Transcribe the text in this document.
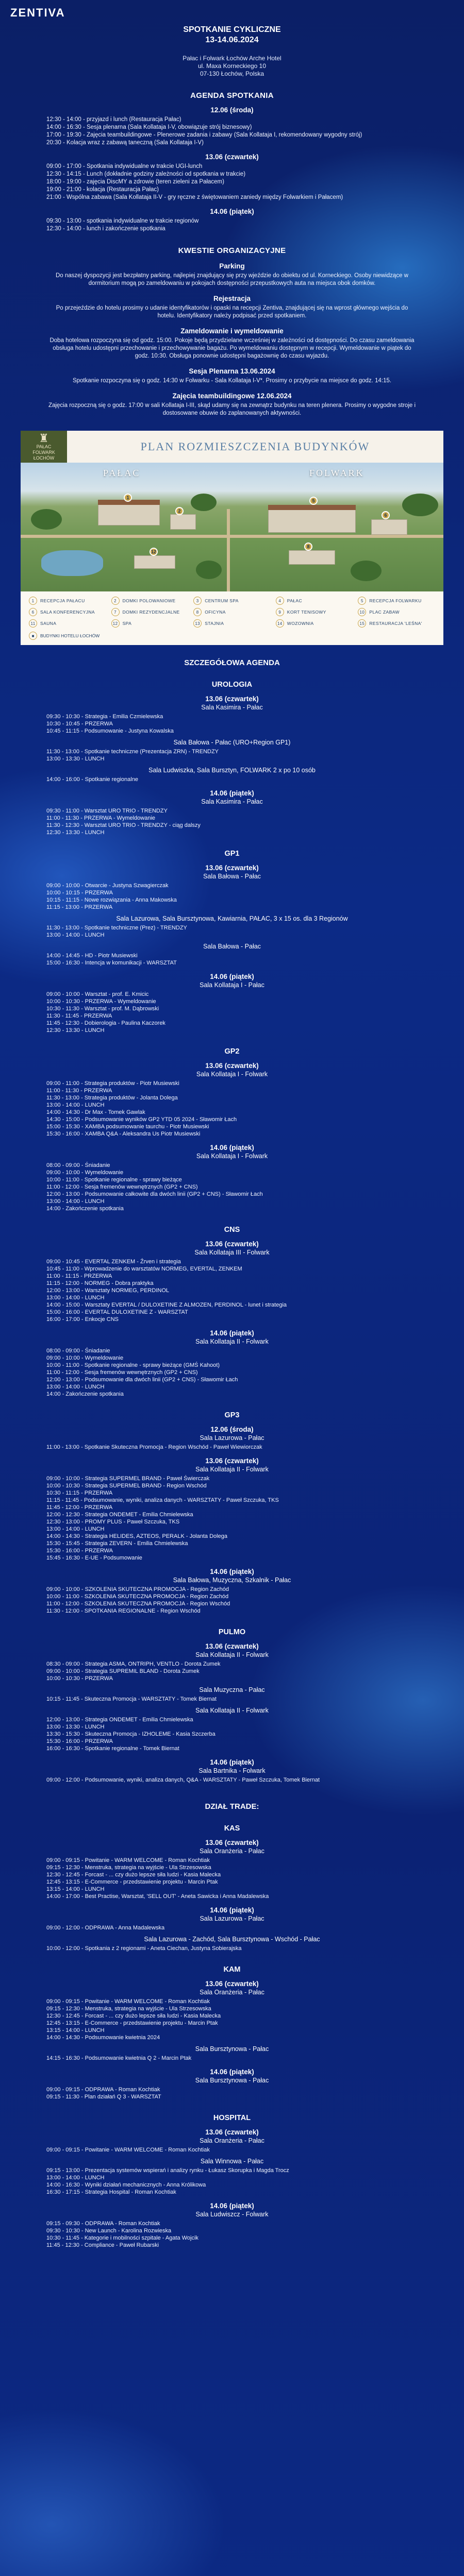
ZENTIVA
SPOTKANIE CYKLICZNE
13-14.06.2024
Pałac i Folwark Łochów Arche Hotel
ul. Maxa Korneckiego 10
07-130 Łochów, Polska
AGENDA SPOTKANIA
12.06 (środa)
12:30 - 14:00 - przyjazd i lunch (Restauracja Pałac)
14:00 - 16:30 - Sesja plenarna (Sala Kollataja I-V, obowiązuje strój biznesowy)
17:00 - 19:30 - Zajęcia teambuildingowe - Plenerowe zadania i zabawy (Sala Kollataja I, rekomendowany wygodny strój)
20:30 - Kolacja wraz z zabawą taneczną (Sala Kollataja I-V)
13.06 (czwartek)
09:00 - 17:00 - Spotkania indywidualne w trakcie UGI-lunch
12:30 - 14:15 - Lunch (dokładnie godziny zależności od spotkania w trakcie)
18:00 - 19:00 - zajęcia DiscMY a zdrowie (teren zieleni za Pałacem)
19:00 - 21:00 - kolacja (Restauracja Pałac)
21:00 - Wspólna zabawa (Sala Kollataja II-V - gry ręczne z świętowaniem zaniedy między Folwarkiem i Pałacem)
14.06 (piątek)
09:30 - 13:00 - spotkania indywidualne w trakcie regionów
12:30 - 14:00 - lunch i zakończenie spotkania
KWESTIE ORGANIZACYJNE
Parking
Do naszej dyspozycji jest bezpłatny parking, najlepiej znajdujący się przy wjeździe do obiektu od ul. Korneckiego. Osoby niewidzące w dormitorium mogą po zameldowaniu w pokojach dostępności przepustkowych auta na miejsca obok domków.
Rejestracja
Po przejeździe do hotelu prosimy o udanie identyfikatorów i opaski na recepcji Zentiva, znajdującej się na wprost głównego wejścia do hotelu. Identyfikatory należy podpisać przed spotkaniem.
Zameldowanie i wymeldowanie
Doba hotelowa rozpoczyna się od godz. 15:00. Pokoje będą przydzielane wcześniej w zależności od dostępności. Do czasu zameldowania obsługa hotelu udostępni przechowanie i przechowywanie bagażu. Po wymeldowaniu dostępnym w recepcji. Wymeldowanie w piątek do godz. 10:30. Obsługa ponownie udostępni bagażownię do czasu wyjazdu.
Sesja Plenarna 13.06.2024
Spotkanie rozpoczyna się o godz. 14:30 w Folwarku - Sala Kollataja I-V*. Prosimy o przybycie na miejsce do godz. 14:15.
Zajęcia teambuildingowe 12.06.2024
Zajęcia rozpoczną się o godz. 17:00 w sali Kollataja I-III, skąd udamy się na zewnątrz budynku na teren plenera. Prosimy o wygodne stroje i dostosowane obuwie do zaplanowanych aktywności.
♜
PAŁAC
FOLWARK
ŁOCHÓW
PLAN ROZMIESZCZENIA BUDYNKÓW
PAŁAC	FOLWARK
1
2
5
6
8
12
1	RECEPCJA PAŁACU	2	DOMKI POLOWANIOWE	3	CENTRUM SPA	4	PAŁAC	5	RECEPCJA FOLWARKU
6	SALA KONFERENCYJNA	7	DOMKI REZYDENCJALNE	8	OFICYNA	9	KORT TENISOWY	10	PLAC ZABAW
11	SAUNA	12	SPA	13	STAJNIA	14	WOZOWNIA	15	RESTAURACJA 'LEŚNA'
■	BUDYNKI HOTELU ŁOCHÓW
SZCZEGÓŁOWA AGENDA
UROLOGIA
13.06 (czwartek)
Sala Kasimira - Pałac
09:30 - 10:30 - Strategia - Emilia Czmielewska
10:30 - 10:45 - PRZERWA
10:45 - 11:15 - Podsumowanie - Justyna Kowalska
Sala Bałowa - Pałac (URO+Region GP1)
11:30 - 13:00 - Spotkanie techniczne (Prezentacja ZRN) - TRENDZY
13:00 - 13:30 - LUNCH
Sala Ludwiszka, Sala Bursztyn, FOLWARK 2 x po 10 osób
14:00 - 16:00 - Spotkanie regionalne
14.06 (piątek)
Sala Kasimira - Pałac
09:30 - 11:00 - Warsztat URO TRIO - TRENDZY
11:00 - 11:30 - PRZERWA - Wymeldowanie
11:30 - 12:30 - Warsztat URO TRIO - TRENDZY - ciąg dalszy
12:30 - 13:30 - LUNCH
GP1
13.06 (czwartek)
Sala Bałowa - Pałac
09:00 - 10:00 - Otwarcie - Justyna Szwagierczak
10:00 - 10:15 - PRZERWA
10:15 - 11:15 - Nowe rozwiązania - Anna Makowska
11:15 - 13:00 - PRZERWA
Sala Lazurowa, Sala Bursztynowa, Kawiarnia, PAŁAC, 3 x 15 os. dla 3 Regionów
11:30 - 13:00 - Spotkanie techniczne (Prez) - TRENDZY
13:00 - 14:00 - LUNCH
Sala Bałowa - Pałac
14:00 - 14:45 - HD - Piotr Musiewski
15:00 - 16:30 - Intencja w komunikacji - WARSZTAT
14.06 (piątek)
Sala Kollataja I - Pałac
09:00 - 10:00 - Warsztat - prof. E. Kmicic
10:00 - 10:30 - PRZERWA - Wymeldowanie
10:30 - 11:30 - Warsztat - prof. M. Dąbrowski
11:30 - 11:45 - PRZERWA
11:45 - 12:30 - Dobierologia - Paulina Kaczorek
12:30 - 13:30 - LUNCH
GP2
13.06 (czwartek)
Sala Kollataja I - Folwark
09:00 - 11:00 - Strategia produktów - Piotr Musiewski
11:00 - 11:30 - PRZERWA
11:30 - 13:00 - Strategia produktów - Jolanta Dolega
13:00 - 14:00 - LUNCH
14:00 - 14:30 - Dr Max - Tomek Gawlak
14:30 - 15:00 - Podsumowanie wyników GP2 YTD 05 2024 - Sławomir Łach
15:00 - 15:30 - XAMBA podsumowanie taurchu - Piotr Musiewski
15:30 - 16:00 - XAMBA Q&A - Aleksandra Us Piotr Musiewski
14.06 (piątek)
Sala Kollataja I - Folwark
08:00 - 09:00 - Śniadanie
09:00 - 10:00 - Wymeldowanie
10:00 - 11:00 - Spotkanie regionalne - sprawy bieżące
11:00 - 12:00 - Sesja fremenów wewnętrznych (GP2 + CNS)
12:00 - 13:00 - Podsumowanie całkowite dla dwóch linii (GP2 + CNS) - Sławomir Łach
13:00 - 14:00 - LUNCH
14:00 - Zakończenie spotkania
CNS
13.06 (czwartek)
Sala Kollataja III - Folwark
09:00 - 10:45 - EVERTAL ZENKEM - Źrven i strategia
10:45 - 11:00 - Wprowadzenie do warsztatów NORMEG, EVERTAL, ZENKEM
11:00 - 11:15 - PRZERWA
11:15 - 12:00 - NORMEG - Dobra praktyka
12:00 - 13:00 - Warsztaty NORMEG, PERDINOL
13:00 - 14:00 - LUNCH
14:00 - 15:00 - Warsztaty EVERTAL / DULOXETINE Z ALMOZEN, PERDINOL - lunet i strategia
15:00 - 16:00 - EVERTAL DULOXETINE Z - WARSZTAT
16:00 - 17:00 - Enkocje CNS
14.06 (piątek)
Sala Kollataja II - Folwark
08:00 - 09:00 - Śniadanie
09:00 - 10:00 - Wymeldowanie
10:00 - 11:00 - Spotkanie regionalne - sprawy bieżące (GMŚ Kahoot)
11:00 - 12:00 - Sesja fremenów wewnętrznych (GP2 + CNS)
12:00 - 13:00 - Podsumowanie dla dwóch linii (GP2 + CNS) - Sławomir Łach
13:00 - 14:00 - LUNCH
14:00 - Zakończenie spotkania
GP3
12.06 (środa)
Sala Lazurowa - Pałac
11:00 - 13:00 - Spotkanie Skuteczna Promocja - Region Wschód - Paweł Wiewiorczak
13.06 (czwartek)
Sala Kollataja II - Folwark
09:00 - 10:00 - Strategia SUPERMEL BRAND - Paweł Świerczak
10:00 - 10:30 - Strategia SUPERMEL BRAND - Region Wschód
10:30 - 11:15 - PRZERWA
11:15 - 11:45 - Podsumowanie, wyniki, analiza danych - WARSZTATY - Paweł Szczuka, TKS
11:45 - 12:00 - PRZERWA
12:00 - 12:30 - Strategia ONDEMET - Emilia Chmielewska
12:30 - 13:00 - PROMY PLUS - Paweł Szczuka, TKS
13:00 - 14:00 - LUNCH
14:00 - 14:30 - Strategia HELIDES, AZTEOS, PERALK - Jolanta Dolega
15:30 - 15:45 - Strategia ZEVERN - Emilia Chmielewska
15:30 - 16:00 - PRZERWA
15:45 - 16:30 - E-UE - Podsumowanie
14.06 (piątek)
Sala Bałowa, Muzyczna, Szkalnik - Pałac
09:00 - 10:00 - SZKOLENIA SKUTECZNA PROMOCJA - Region Zachód
10:00 - 11:00 - SZKOLENIA SKUTECZNA PROMOCJA - Region Zachód
11:00 - 12:00 - SZKOLENIA SKUTECZNA PROMOCJA - Region Wschód
11:30 - 12:00 - SPOTKANIA REGIONALNE - Region Wschód
PULMO
13.06 (czwartek)
Sala Kollataja II - Folwark
08:30 - 09:00 - Strategia ASMA, ONTRIPH, VENTLO - Dorota Zumek
09:00 - 10:00 - Strategia SUPREMIL BLAND - Dorota Zumek
10:00 - 10:30 - PRZERWA
Sala Muzyczna - Pałac
10:15 - 11:45 - Skuteczna Promocja - WARSZTATY - Tomek Biernat
Sala Kollataja II - Folwark
12:00 - 13:00 - Strategia ONDEMET - Emilia Chmielewska
13:00 - 13:30 - LUNCH
13:30 - 15:30 - Skuteczna Promocja - IZHOLEME - Kasia Szczerba
15:30 - 16:00 - PRZERWA
16:00 - 16:30 - Spotkanie regionalne - Tomek Biernat
14.06 (piątek)
Sala Bartnika - Folwark
09:00 - 12:00 - Podsumowanie, wyniki, analiza danych, Q&A - WARSZTATY - Paweł Szczuka, Tomek Biernat
DZIAŁ TRADE:
KAS
13.06 (czwartek)
Sala Oranżeria - Pałac
09:00 - 09:15 - Powitanie - WARM WELCOME - Roman Kochtiak
09:15 - 12:30 - Menstruka, strategia na wyjście - Ula Strzesowska
12:30 - 12:45 - Forcast - ... czy dużo lepsze siła ludzi - Kasia Malecka
12:45 - 13:15 - E-Commerce - przedstawienie projektu - Marcin Ptak
13:15 - 14:00 - LUNCH
14:00 - 17:00 - Best Practise, Warsztat, 'SELL OUT' - Aneta Sawicka i Anna Madalewska
14.06 (piątek)
Sala Lazurowa - Pałac
09:00 - 12:00 - ODPRAWA - Anna Madalewska
Sala Lazurowa - Zachód, Sala Bursztynowa - Wschód - Pałac
10:00 - 12:00 - Spotkania z 2 regionami - Aneta Ciechan, Justyna Sobierajska
KAM
13.06 (czwartek)
Sala Oranżeria - Pałac
09:00 - 09:15 - Powitanie - WARM WELCOME - Roman Kochtiak
09:15 - 12:30 - Menstruka, strategia na wyjście - Ula Strzesowska
12:30 - 12:45 - Forcast - ... czy dużo lepsze siła ludzi - Kasia Malecka
12:45 - 13:15 - E-Commerce - przedstawienie projektu - Marcin Ptak
13:15 - 14:00 - LUNCH
14:00 - 14:30 - Podsumowanie kwietnia 2024
Sala Bursztynowa - Pałac
14:15 - 16:30 - Podsumowanie kwietnia Q 2 - Marcin Ptak
14.06 (piątek)
Sala Bursztynowa - Pałac
09:00 - 09:15 - ODPRAWA - Roman Kochtiak
09:15 - 11:30 - Plan działań Q 3 - WARSZTAT
HOSPITAL
13.06 (czwartek)
Sala Oranżeria - Pałac
09:00 - 09:15 - Powitanie - WARM WELCOME - Roman Kochtiak
Sala Winnowa - Pałac
09:15 - 13:00 - Prezentacja systemów wspierań i analizy rynku - Łukasz Skorupka i Magda Trocz
13:00 - 14:00 - LUNCH
14:00 - 16:30 - Wyniki działań mechanicznych - Anna Królikowa
16:30 - 17:15 - Strategia Hospital - Roman Kochtiak
14.06 (piątek)
Sala Ludwiszcz - Folwark
09:15 - 09:30 - ODPRAWA - Roman Kochtiak
09:30 - 10:30 - New Launch - Karolina Rozwieska
10:30 - 11:45 - Kategorie i mobilności szpitale - Agata Wojcik
11:45 - 12:30 - Compliance - Paweł Rubarski
